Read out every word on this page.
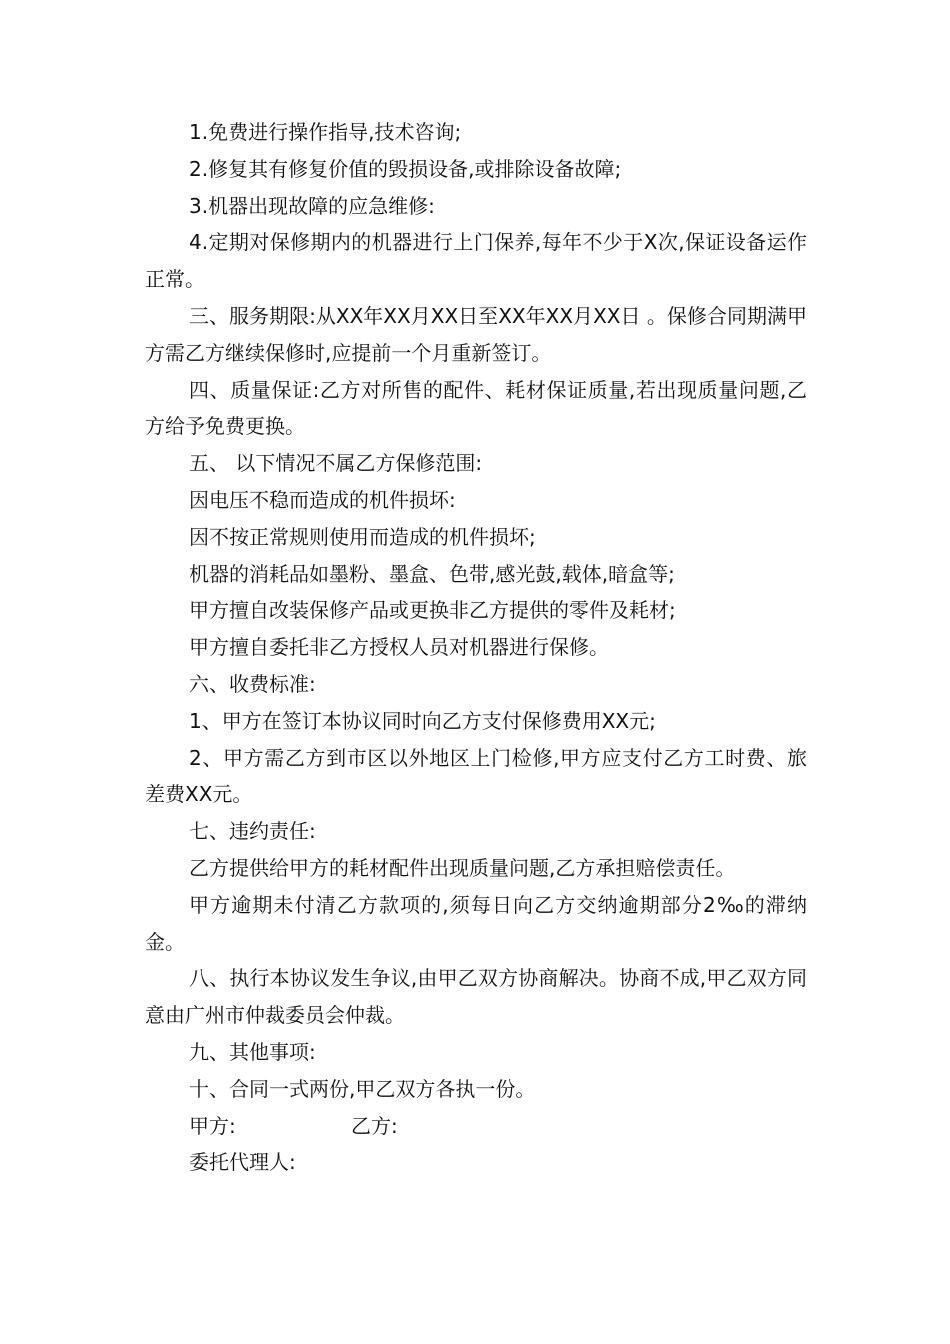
1.免费进行操作指导,技术咨询;

2.修复其有修复价值的毁损设备,或排除设备故障;

3.机器出现故障的应急维修:

4.定期对保修期内的机器进行上门保养,每年不少于X次,保证设备运作正常。

三、服务期限:从XX年XX月XX日至XX年XX月XX日 。保修合同期满甲方需乙方继续保修时,应提前一个月重新签订。

四、质量保证:乙方对所售的配件、耗材保证质量,若出现质量问题,乙方给予免费更换。

五、 以下情况不属乙方保修范围:

因电压不稳而造成的机件损坏:

因不按正常规则使用而造成的机件损坏;

机器的消耗品如墨粉、墨盒、色带,感光鼓,载体,暗盒等;

甲方擅自改装保修产品或更换非乙方提供的零件及耗材;

甲方擅自委托非乙方授权人员对机器进行保修。

六、收费标准:

1、甲方在签订本协议同时向乙方支付保修费用XX元;

2、甲方需乙方到市区以外地区上门检修,甲方应支付乙方工时费、旅差费XX元。

七、违约责任:

乙方提供给甲方的耗材配件出现质量问题,乙方承担赔偿责任。

甲方逾期未付清乙方款项的,须每日向乙方交纳逾期部分2‰的滞纳金。

八、执行本协议发生争议,由甲乙双方协商解决。协商不成,甲乙双方同意由广州市仲裁委员会仲裁。

九、其他事项:

十、合同一式两份,甲乙双方各执一份。

甲方:	乙方:
委托代理人:
